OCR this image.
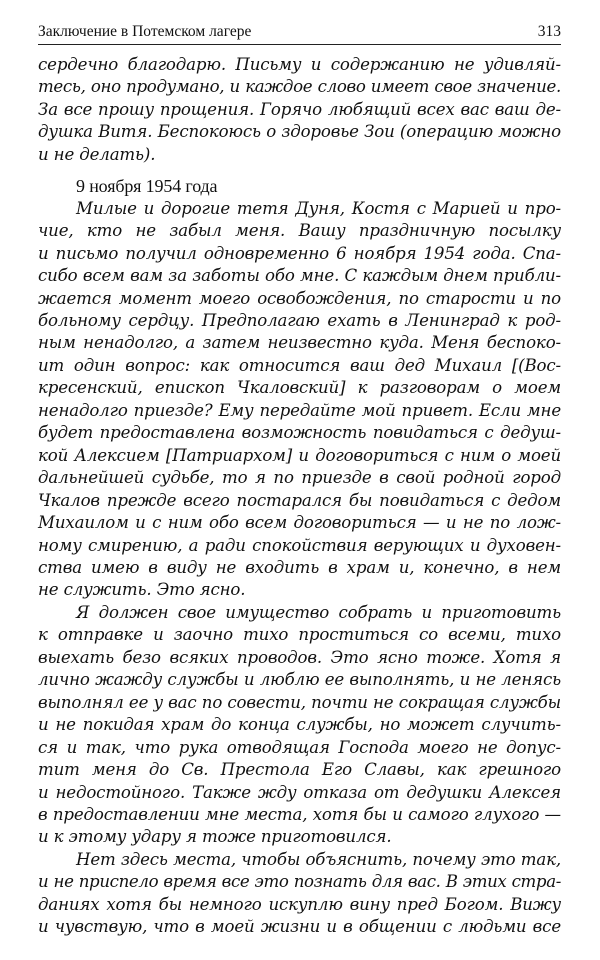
Заключение в Потемском лагере	313

сердечно благодарю. Письму и содержанию не удивляй-
тесь, оно продумано, и каждое слово имеет свое значение.
За все прошу прощения. Горячо любящий всех вас ваш де-
душка Витя. Беспокоюсь о здоровье Зои (операцию можно
и не делать).

9 ноября 1954 года

Милые и дорогие тетя Дуня, Костя с Марией и про-
чие, кто не забыл меня. Вашу праздничную посылку
и письмо получил одновременно 6 ноября 1954 года. Спа-
сибо всем вам за заботы обо мне. С каждым днем прибли-
жается момент моего освобождения, по старости и по
больному сердцу. Предполагаю ехать в Ленинград к род-
ным ненадолго, а затем неизвестно куда. Меня беспоко-
ит один вопрос: как относится ваш дед Михаил [(Вос-
кресенский, епископ Чкаловский] к разговорам о моем
ненадолго приезде? Ему передайте мой привет. Если мне
будет предоставлена возможность повидаться с дедуш-
кой Алексием [Патриархом] и договориться с ним о моей
дальнейшей судьбе, то я по приезде в свой родной город
Чкалов прежде всего постарался бы повидаться с дедом
Михаилом и с ним обо всем договориться — и не по лож-
ному смирению, а ради спокойствия верующих и духовен-
ства имею в виду не входить в храм и, конечно, в нем
не служить. Это ясно.

Я должен свое имущество собрать и приготовить
к отправке и заочно тихо проститься со всеми, тихо
выехать безо всяких проводов. Это ясно тоже. Хотя я
лично жажду службы и люблю ее выполнять, и не ленясь
выполнял ее у вас по совести, почти не сокращая службы
и не покидая храм до конца службы, но может случить-
ся и так, что рука отводящая Господа моего не допус-
тит меня до Св. Престола Его Славы, как грешного
и недостойного. Также жду отказа от дедушки Алексея
в предоставлении мне места, хотя бы и самого глухого —
и к этому удару я тоже приготовился.

Нет здесь места, чтобы объяснить, почему это так,
и не приспело время все это познать для вас. В этих стра-
даниях хотя бы немного искуплю вину пред Богом. Вижу
и чувствую, что в моей жизни и в общении с людьми все
